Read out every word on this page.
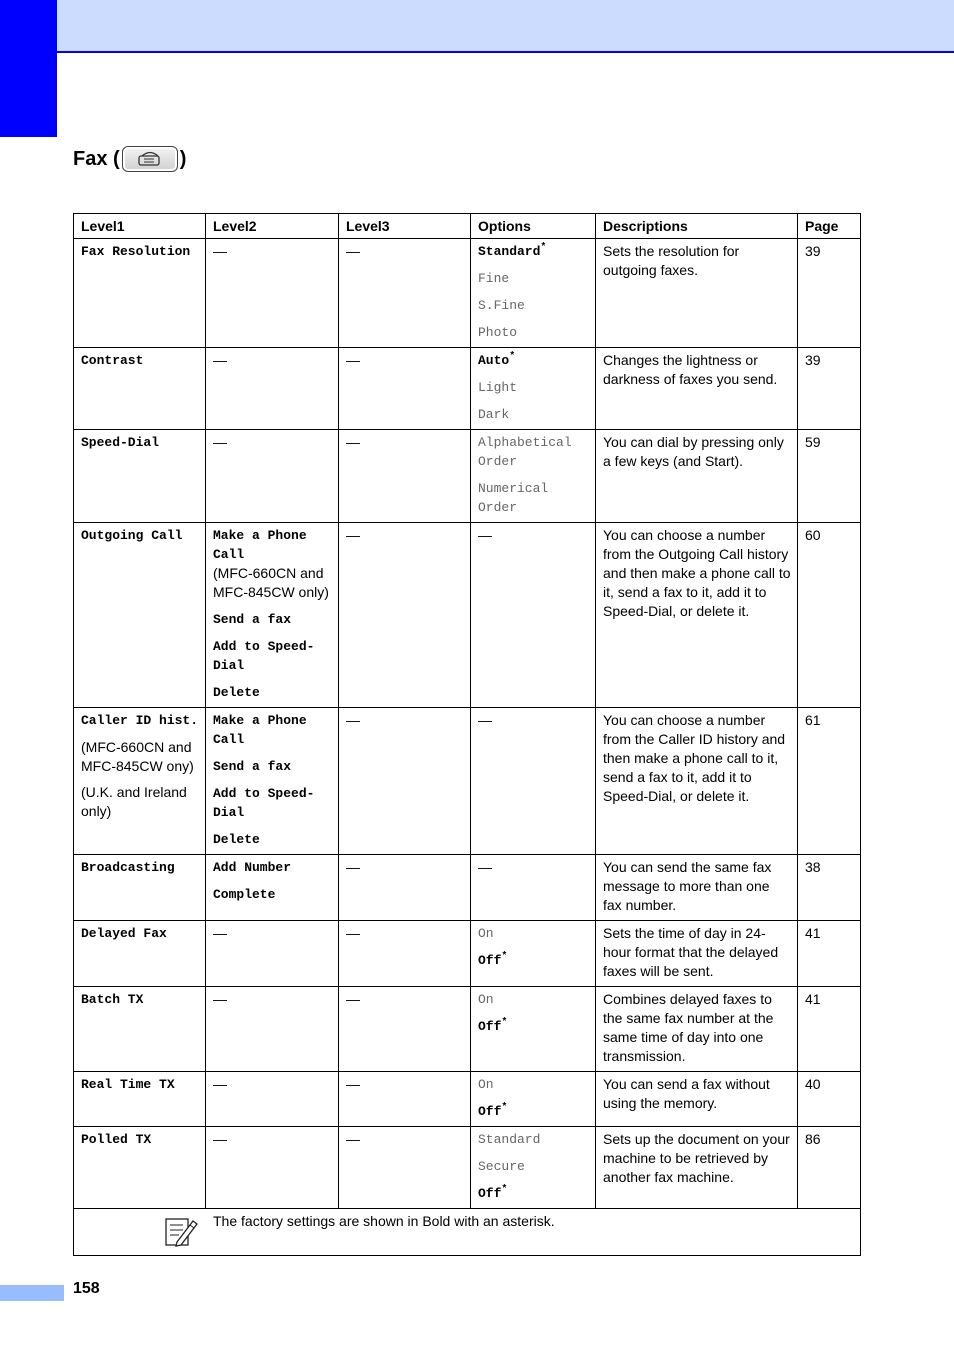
Fax (	)
Level1	Level2	Level3	Options	Descriptions	Page

Fax Resolution	—	—	Standard*
Fine
S.Fine
Photo	Sets the resolution for outgoing faxes.	39

Contrast	—	—	Auto*
Light
Dark	Changes the lightness or darkness of faxes you send.	39

Speed-Dial	—	—	Alphabetical Order
Numerical Order	You can dial by pressing only a few keys (and Start).	59

Outgoing Call	Make a Phone Call
(MFC-660CN and MFC-845CW only)
Send a fax
Add to Speed-Dial
Delete	—	—	You can choose a number from the Outgoing Call history and then make a phone call to it, send a fax to it, add it to Speed-Dial, or delete it.	60

Caller ID hist.
(MFC-660CN and MFC-845CW ony)
(U.K. and Ireland only)	Make a Phone Call
Send a fax
Add to Speed-Dial
Delete	—	—	You can choose a number from the Caller ID history and then make a phone call to it, send a fax to it, add it to Speed-Dial, or delete it.	61

Broadcasting	Add Number
Complete	—	—	You can send the same fax message to more than one fax number.	38

Delayed Fax	—	—	On
Off*	Sets the time of day in 24-hour format that the delayed faxes will be sent.	41

Batch TX	—	—	On
Off*	Combines delayed faxes to the same fax number at the same time of day into one transmission.	41

Real Time TX	—	—	On
Off*	You can send a fax without using the memory.	40

Polled TX	—	—	Standard
Secure
Off*	Sets up the document on your machine to be retrieved by another fax machine.	86

The factory settings are shown in Bold with an asterisk.					
158
